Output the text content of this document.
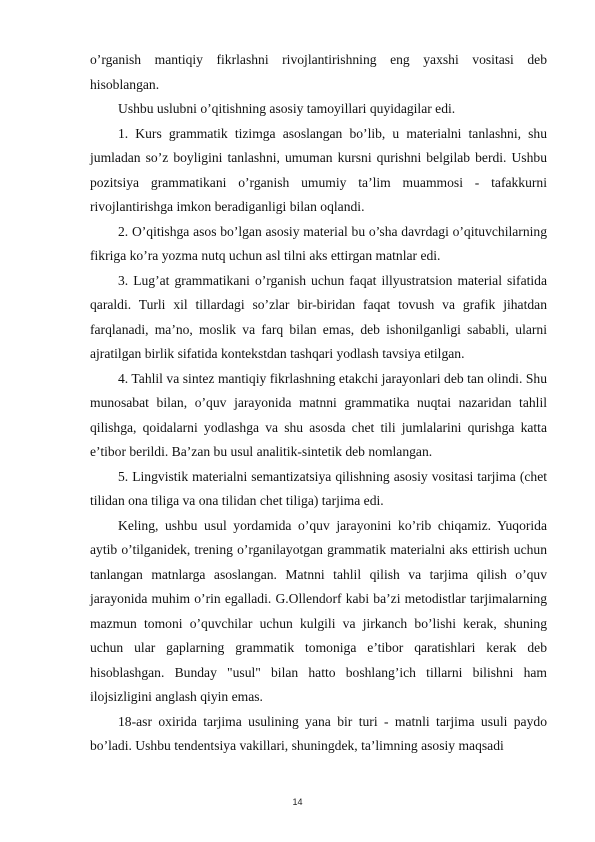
o’rganish mantiqiy fikrlashni rivojlantirishning eng yaxshi vositasi deb hisoblangan.

Ushbu uslubni o’qitishning asosiy tamoyillari quyidagilar edi.

1. Kurs grammatik tizimga asoslangan bo’lib, u materialni tanlashni, shu jumladan so’z boyligini tanlashni, umuman kursni qurishni belgilab berdi. Ushbu pozitsiya grammatikani o’rganish umumiy ta’lim muammosi - tafakkurni rivojlantirishga imkon beradiganligi bilan oqlandi.

2. O’qitishga asos bo’lgan asosiy material bu o’sha davrdagi o’qituvchilarning fikriga ko’ra yozma nutq uchun asl tilni aks ettirgan matnlar edi.

3. Lug’at grammatikani o’rganish uchun faqat illyustratsion material sifatida qaraldi. Turli xil tillardagi so’zlar bir-biridan faqat tovush va grafik jihatdan farqlanadi, ma’no, moslik va farq bilan emas, deb ishonilganligi sababli, ularni ajratilgan birlik sifatida kontekstdan tashqari yodlash tavsiya etilgan.

4. Tahlil va sintez mantiqiy fikrlashning etakchi jarayonlari deb tan olindi. Shu munosabat bilan, o’quv jarayonida matnni grammatika nuqtai nazaridan tahlil qilishga, qoidalarni yodlashga va shu asosda chet tili jumlalarini qurishga katta e’tibor berildi. Ba’zan bu usul analitik-sintetik deb nomlangan.

5. Lingvistik materialni semantizatsiya qilishning asosiy vositasi tarjima (chet tilidan ona tiliga va ona tilidan chet tiliga) tarjima edi.

Keling, ushbu usul yordamida o’quv jarayonini ko’rib chiqamiz. Yuqorida aytib o’tilganidek, trening o’rganilayotgan grammatik materialni aks ettirish uchun tanlangan matnlarga asoslangan. Matnni tahlil qilish va tarjima qilish o’quv jarayonida muhim o’rin egalladi. G.Ollendorf kabi ba’zi metodistlar tarjimalarning mazmun tomoni o’quvchilar uchun kulgili va jirkanch bo’lishi kerak, shuning uchun ular gaplarning grammatik tomoniga e’tibor qaratishlari kerak deb hisoblashgan. Bunday "usul" bilan hatto boshlang’ich tillarni bilishni ham ilojsizligini anglash qiyin emas.

18-asr oxirida tarjima usulining yana bir turi - matnli tarjima usuli paydo bo’ladi. Ushbu tendentsiya vakillari, shuningdek, ta’limning asosiy maqsadi

14
